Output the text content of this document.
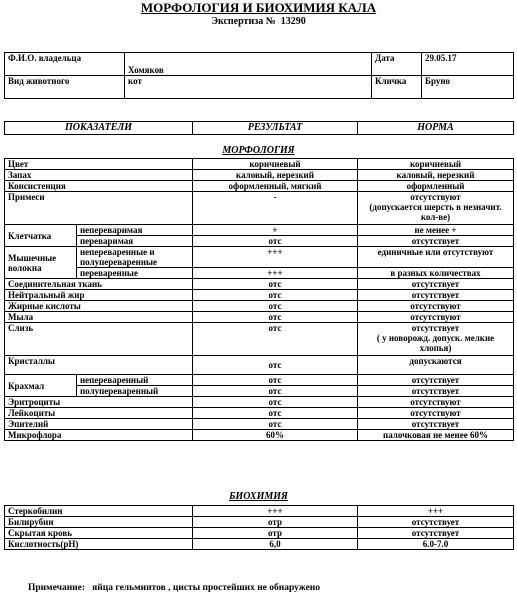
МОРФОЛОГИЯ И БИОХИМИЯ КАЛА
Экспертиза № 13290
Ф.И.О. владельца	Хомяков	Дата	29.05.17
Вид животного	кот	Кличка	Бруно
ПОКАЗАТЕЛИ	РЕЗУЛЬТАТ	НОРМА
МОРФОЛОГИЯ
Цвет		коричневый	коричневый
Запах		каловый, нерезкий	каловый, нерезкий
Консистенция		оформленный, мягкий	оформленный
Примеси		-	отсутствуют
(допускается шерсть в незначит. кол-ве)
Клетчатка	непереваримая	+	не менее +
	переваримая	отс	отсутствует
Мышечные волокна	непереваренные и полупереваренные	+++	единичные или отсутствуют
	переваренные	+++	в разных количествах
Соединительная ткань		отс	отсутствует
Нейтральный жир		отс	отсутствует
Жирные кислоты		отс	отсутствуют
Мыла		отс	отсутствуют
Слизь		отс	отсутствует
( у новорожд. допуск. мелкие хлопья)
Кристаллы		отс	допускаются
Крахмал	непереваренный	отс	отсутствует
	полупереваренный	отс	отсутствует
Эритроциты		отс	отсутствуют
Лейкоциты		отс	отсутствуют
Эпителий		отс	отсутствует
Микрофлора		60%	палочковая не менее 60%
БИОХИМИЯ
Стеркобилин	+++	+++
Билирубин	отр	отсутствует
Скрытая кровь	отр	отсутствует
Кислотность(рН)	6,0	6.0-7.0
Примечание: яйца гельминтов , цисты простейших не обнаружено
